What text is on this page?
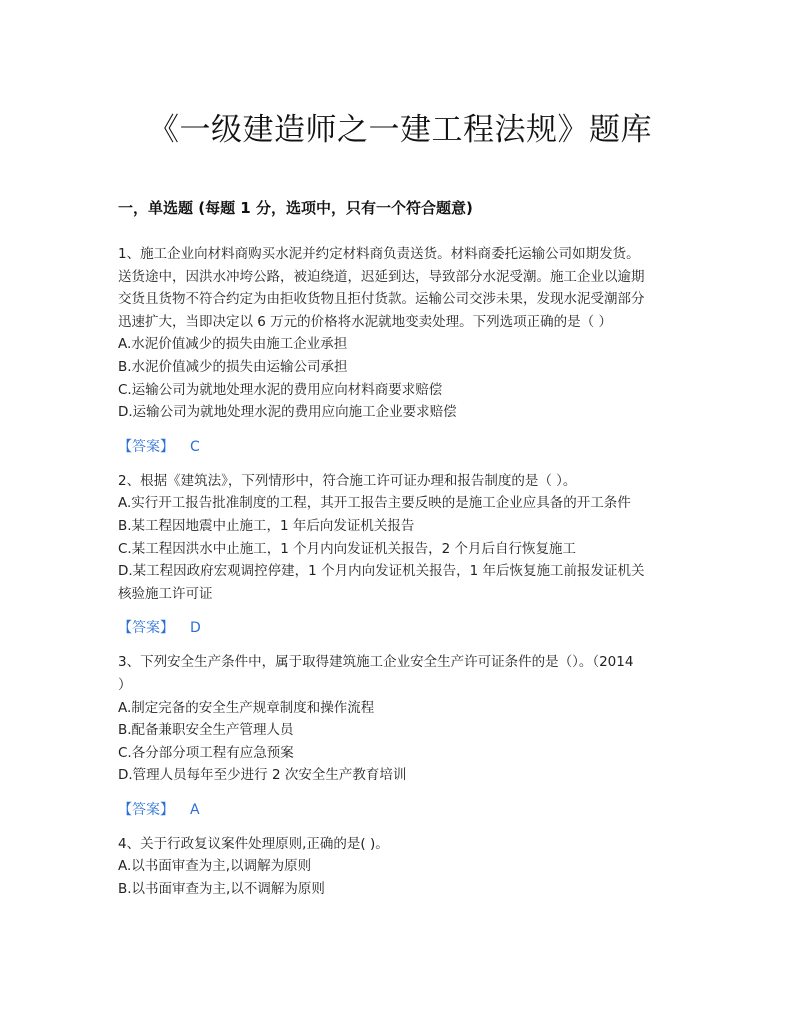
《一级建造师之一建工程法规》题库
一，单选题 (每题 1 分，选项中，只有一个符合题意)
1、施工企业向材料商购买水泥并约定材料商负责送货。材料商委托运输公司如期发货。
送货途中，因洪水冲垮公路，被迫绕道，迟延到达，导致部分水泥受潮。施工企业以逾期
交货且货物不符合约定为由拒收货物且拒付货款。运输公司交涉未果，发现水泥受潮部分
迅速扩大，当即决定以 6 万元的价格将水泥就地变卖处理。下列选项正确的是（ ）
A.水泥价值减少的损失由施工企业承担
B.水泥价值减少的损失由运输公司承担
C.运输公司为就地处理水泥的费用应向材料商要求赔偿
D.运输公司为就地处理水泥的费用应向施工企业要求赔偿
【答案】 C
2、根据《建筑法》，下列情形中，符合施工许可证办理和报告制度的是（ ）。
A.实行开工报告批准制度的工程，其开工报告主要反映的是施工企业应具备的开工条件
B.某工程因地震中止施工，1 年后向发证机关报告
C.某工程因洪水中止施工，1 个月内向发证机关报告，2 个月后自行恢复施工
D.某工程因政府宏观调控停建，1 个月内向发证机关报告，1 年后恢复施工前报发证机关
核验施工许可证
【答案】 D
3、下列安全生产条件中，属于取得建筑施工企业安全生产许可证条件的是（）。（2014
）
A.制定完备的安全生产规章制度和操作流程
B.配备兼职安全生产管理人员
C.各分部分项工程有应急预案
D.管理人员每年至少进行 2 次安全生产教育培训
【答案】 A
4、关于行政复议案件处理原则,正确的是( )。
A.以书面审查为主,以调解为原则
B.以书面审查为主,以不调解为原则
